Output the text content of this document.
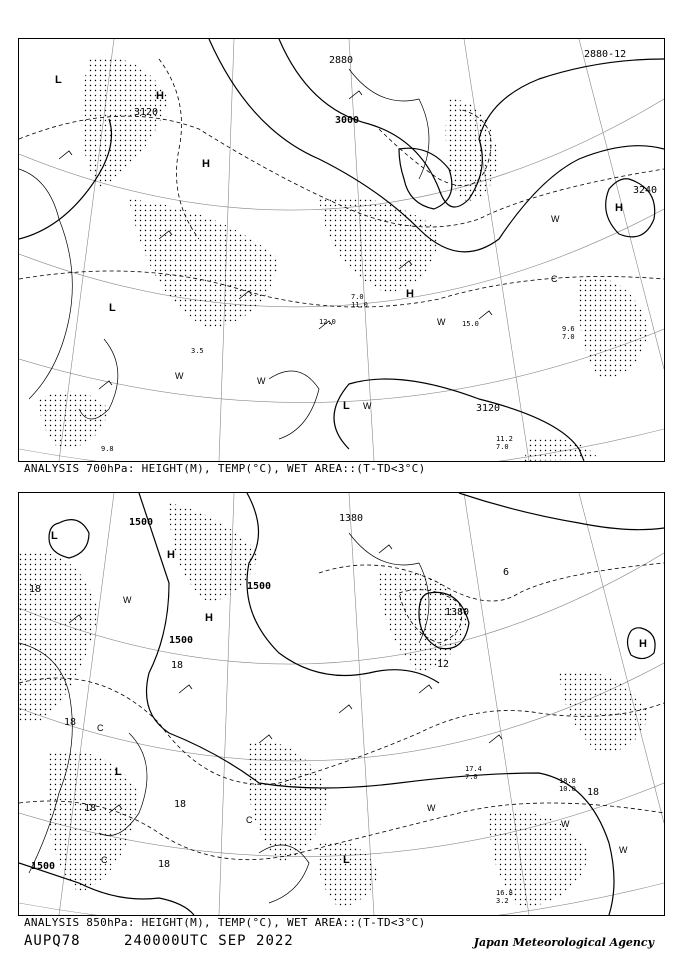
2880
2880-12
3000
3120
3120
3240
H
H
H
H
L
L
L
C
W
W
W
W
W
15.0
11.0
7.0
9.6
7.0
11.2
7.0
12.0
9.8
3.5
ANALYSIS 700hPa: HEIGHT(M), TEMP(°C), WET AREA::(T-TD<3°C)
1380
1380
1500
1500
1500
1500
18
18
18
18	18
18
18
12
6
H
H
H
L
L
L
C
C
C
W
W
W
W
17.4
7.0	18.8
10.0
16.8
3.2
ANALYSIS 850hPa: HEIGHT(M), TEMP(°C), WET AREA::(T-TD<3°C)
AUPQ78	240000UTC SEP 2022	Japan Meteorological Agency
